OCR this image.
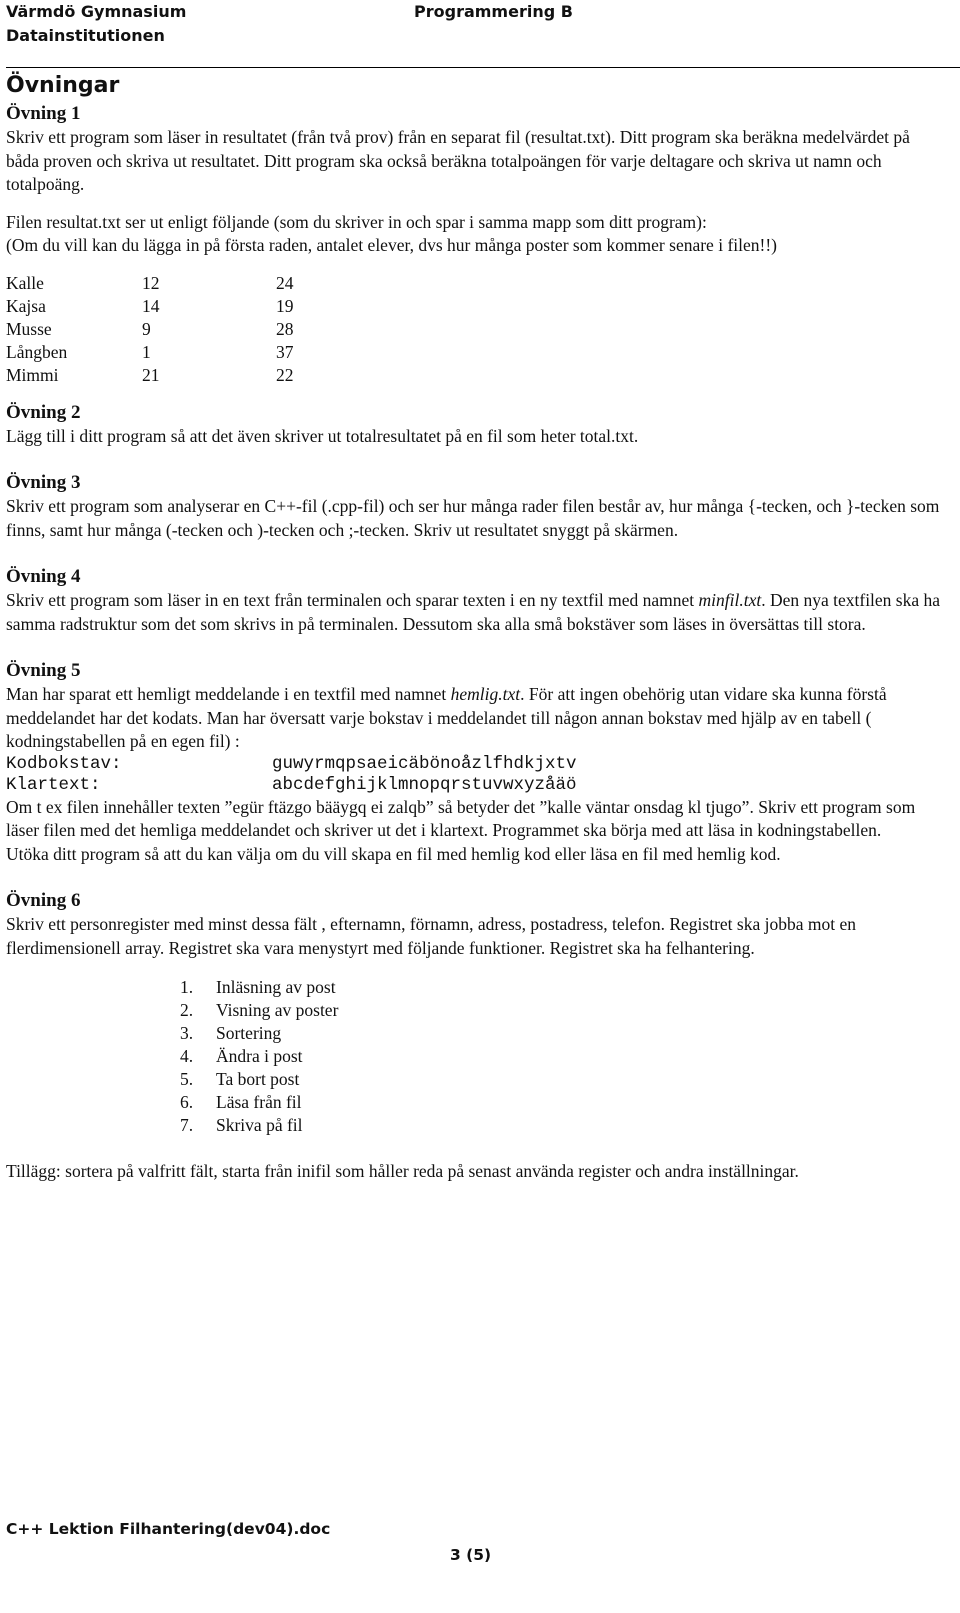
Värmdö Gymnasium
Datainstitutionen
Programmering B
Övningar
Övning 1

Skriv ett program som läser in resultatet (från två prov) från en separat fil (resultat.txt). Ditt program ska beräkna medelvärdet på båda proven och skriva ut resultatet. Ditt program ska också beräkna totalpoängen för varje deltagare och skriva ut namn och totalpoäng.

Filen resultat.txt ser ut enligt följande (som du skriver in och spar i samma mapp som ditt program):

(Om du vill kan du lägga in på första raden, antalet elever, dvs hur många poster som kommer senare i filen!!)

Kalle	12	24
Kajsa	14	19
Musse	9	28
Långben	1	37
Mimmi	21	22
Övning 2

Lägg till i ditt program så att det även skriver ut totalresultatet på en fil som heter total.txt.

Övning 3

Skriv ett program som analyserar en C++-fil (.cpp-fil) och ser hur många rader filen består av, hur många {-tecken, och }-tecken som finns, samt hur många (-tecken och )-tecken och ;-tecken. Skriv ut resultatet snyggt på skärmen.

Övning 4

Skriv ett program som läser in en text från terminalen och sparar texten i en ny textfil med namnet minfil.txt. Den nya textfilen ska ha samma radstruktur som det som skrivs in på terminalen. Dessutom ska alla små bokstäver som läses in översättas till stora.

Övning 5

Man har sparat ett hemligt meddelande i en textfil med namnet hemlig.txt. För att ingen obehörig utan vidare ska kunna förstå meddelandet har det kodats. Man har översatt varje bokstav i meddelandet till någon annan bokstav med hjälp av en tabell ( kodningstabellen på en egen fil) :

Kodbokstav:	guwyrmqpsaeicäbönoåzlfhdkjxtv
Klartext:	abcdefghijklmnopqrstuvwxyzåäö

Om t ex filen innehåller texten ”egür ftäzgo bääygq ei zalqb” så betyder det ”kalle väntar onsdag kl tjugo”. Skriv ett program som läser filen med det hemliga meddelandet och skriver ut det i klartext. Programmet ska börja med att läsa in kodningstabellen.

Utöka ditt program så att du kan välja om du vill skapa en fil med hemlig kod eller läsa en fil med hemlig kod.

Övning 6

Skriv ett personregister med minst dessa fält , efternamn, förnamn, adress, postadress, telefon. Registret ska jobba mot en flerdimensionell array. Registret ska vara menystyrt med följande funktioner. Registret ska ha felhantering.

1.	Inläsning av post
2.	Visning av poster
3.	Sortering
4.	Ändra i post
5.	Ta bort post
6.	Läsa från fil
7.	Skriva på fil

Tillägg: sortera på valfritt fält, starta från inifil som håller reda på senast använda register och andra inställningar.

C++ Lektion Filhantering(dev04).doc
3 (5)
